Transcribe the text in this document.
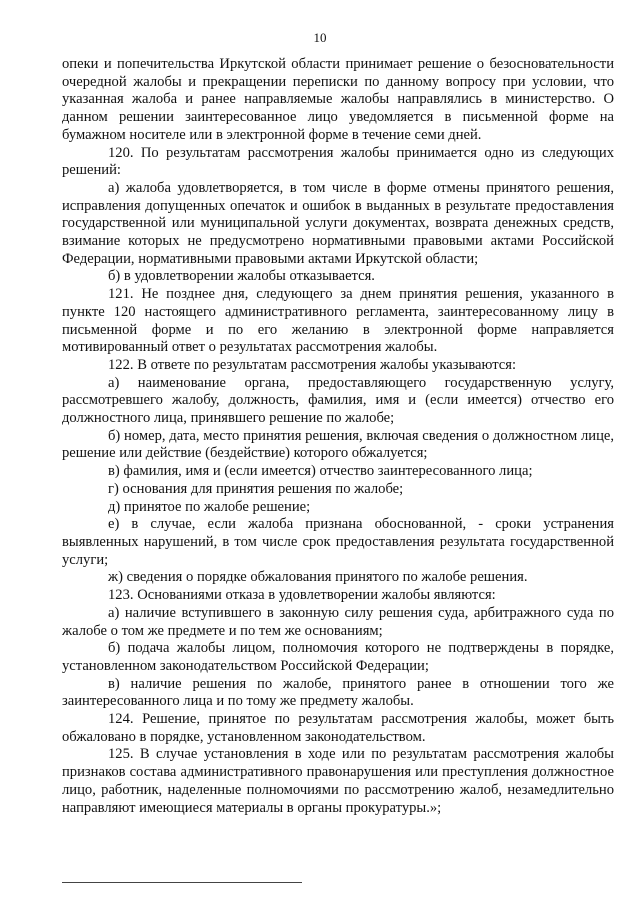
10

опеки и попечительства Иркутской области принимает решение о безосновательности очередной жалобы и прекращении переписки по данному вопросу при условии, что указанная жалоба и ранее направляемые жалобы направлялись в министерство. О данном решении заинтересованное лицо уведомляется в письменной форме на бумажном носителе или в электронной форме в течение семи дней.

120. По результатам рассмотрения жалобы принимается одно из следующих решений:

а) жалоба удовлетворяется, в том числе в форме отмены принятого решения, исправления допущенных опечаток и ошибок в выданных в результате предоставления государственной или муниципальной услуги документах, возврата денежных средств, взимание которых не предусмотрено нормативными правовыми актами Российской Федерации, нормативными правовыми актами Иркутской области;

б) в удовлетворении жалобы отказывается.

121. Не позднее дня, следующего за днем принятия решения, указанного в пункте 120 настоящего административного регламента, заинтересованному лицу в письменной форме и по его желанию в электронной форме направляется мотивированный ответ о результатах рассмотрения жалобы.

122. В ответе по результатам рассмотрения жалобы указываются:

а) наименование органа, предоставляющего государственную услугу, рассмотревшего жалобу, должность, фамилия, имя и (если имеется) отчество его должностного лица, принявшего решение по жалобе;

б) номер, дата, место принятия решения, включая сведения о должностном лице, решение или действие (бездействие) которого обжалуется;

в) фамилия, имя и (если имеется) отчество заинтересованного лица;

г) основания для принятия решения по жалобе;

д) принятое по жалобе решение;

е) в случае, если жалоба признана обоснованной, - сроки устранения выявленных нарушений, в том числе срок предоставления результата государственной услуги;

ж) сведения о порядке обжалования принятого по жалобе решения.

123. Основаниями отказа в удовлетворении жалобы являются:

а) наличие вступившего в законную силу решения суда, арбитражного суда по жалобе о том же предмете и по тем же основаниям;

б) подача жалобы лицом, полномочия которого не подтверждены в порядке, установленном законодательством Российской Федерации;

в) наличие решения по жалобе, принятого ранее в отношении того же заинтересованного лица и по тому же предмету жалобы.

124. Решение, принятое по результатам рассмотрения жалобы, может быть обжаловано в порядке, установленном законодательством.

125. В случае установления в ходе или по результатам рассмотрения жалобы признаков состава административного правонарушения или преступления должностное лицо, работник, наделенные полномочиями по рассмотрению жалоб, незамедлительно направляют имеющиеся материалы в органы прокуратуры.»;
